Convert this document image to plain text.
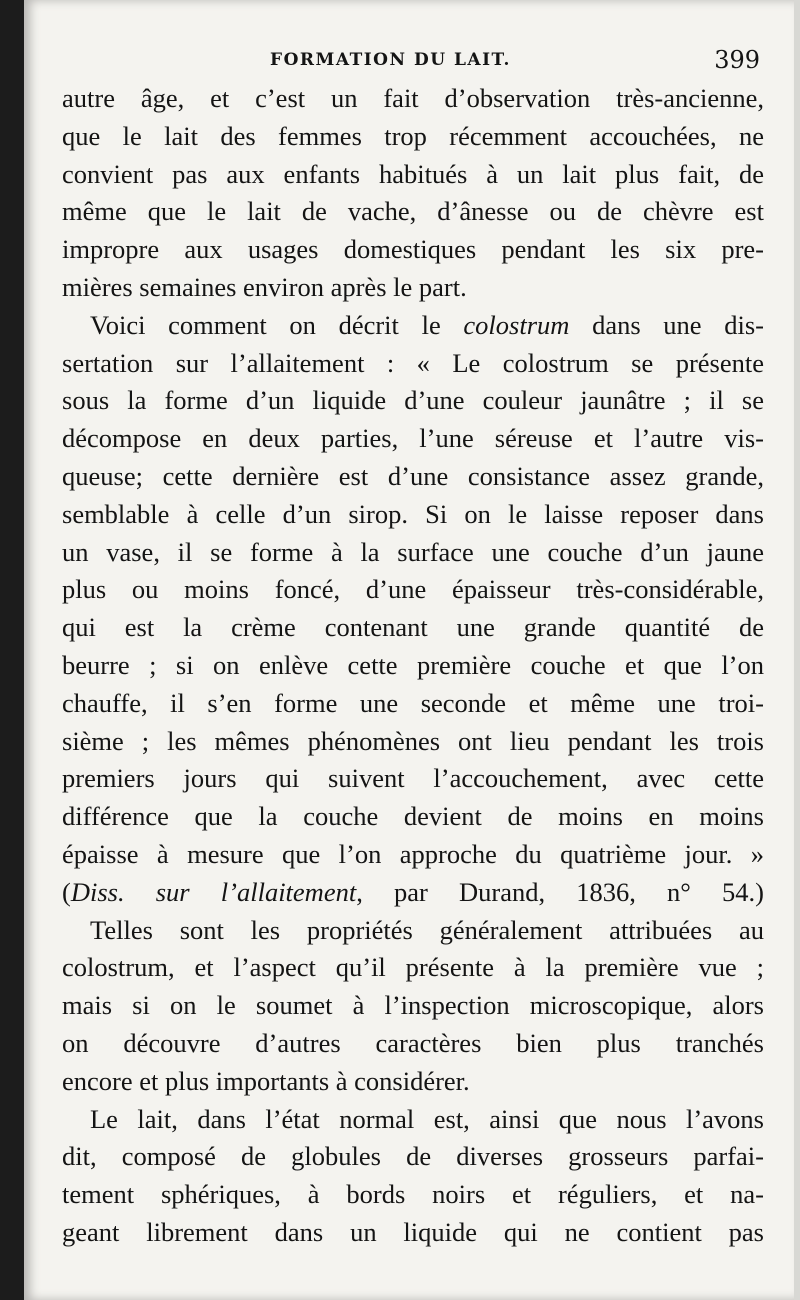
FORMATION DU LAIT.	399
autre âge, et c’est un fait d’observation très-ancienne,
que le lait des femmes trop récemment accouchées, ne
convient pas aux enfants habitués à un lait plus fait, de
même que le lait de vache, d’ânesse ou de chèvre est
impropre aux usages domestiques pendant les six pre-
mières semaines environ après le part.
Voici comment on décrit le colostrum dans une dis-
sertation sur l’allaitement : « Le colostrum se présente
sous la forme d’un liquide d’une couleur jaunâtre ; il se
décompose en deux parties, l’une séreuse et l’autre vis-
queuse; cette dernière est d’une consistance assez grande,
semblable à celle d’un sirop. Si on le laisse reposer dans
un vase, il se forme à la surface une couche d’un jaune
plus ou moins foncé, d’une épaisseur très-considérable,
qui est la crème contenant une grande quantité de
beurre ; si on enlève cette première couche et que l’on
chauffe, il s’en forme une seconde et même une troi-
sième ; les mêmes phénomènes ont lieu pendant les trois
premiers jours qui suivent l’accouchement, avec cette
différence que la couche devient de moins en moins
épaisse à mesure que l’on approche du quatrième jour. »
(Diss. sur l’allaitement, par Durand, 1836, n° 54.)
Telles sont les propriétés généralement attribuées au
colostrum, et l’aspect qu’il présente à la première vue ;
mais si on le soumet à l’inspection microscopique, alors
on découvre d’autres caractères bien plus tranchés
encore et plus importants à considérer.
Le lait, dans l’état normal est, ainsi que nous l’avons
dit, composé de globules de diverses grosseurs parfai-
tement sphériques, à bords noirs et réguliers, et na-
geant librement dans un liquide qui ne contient pas
